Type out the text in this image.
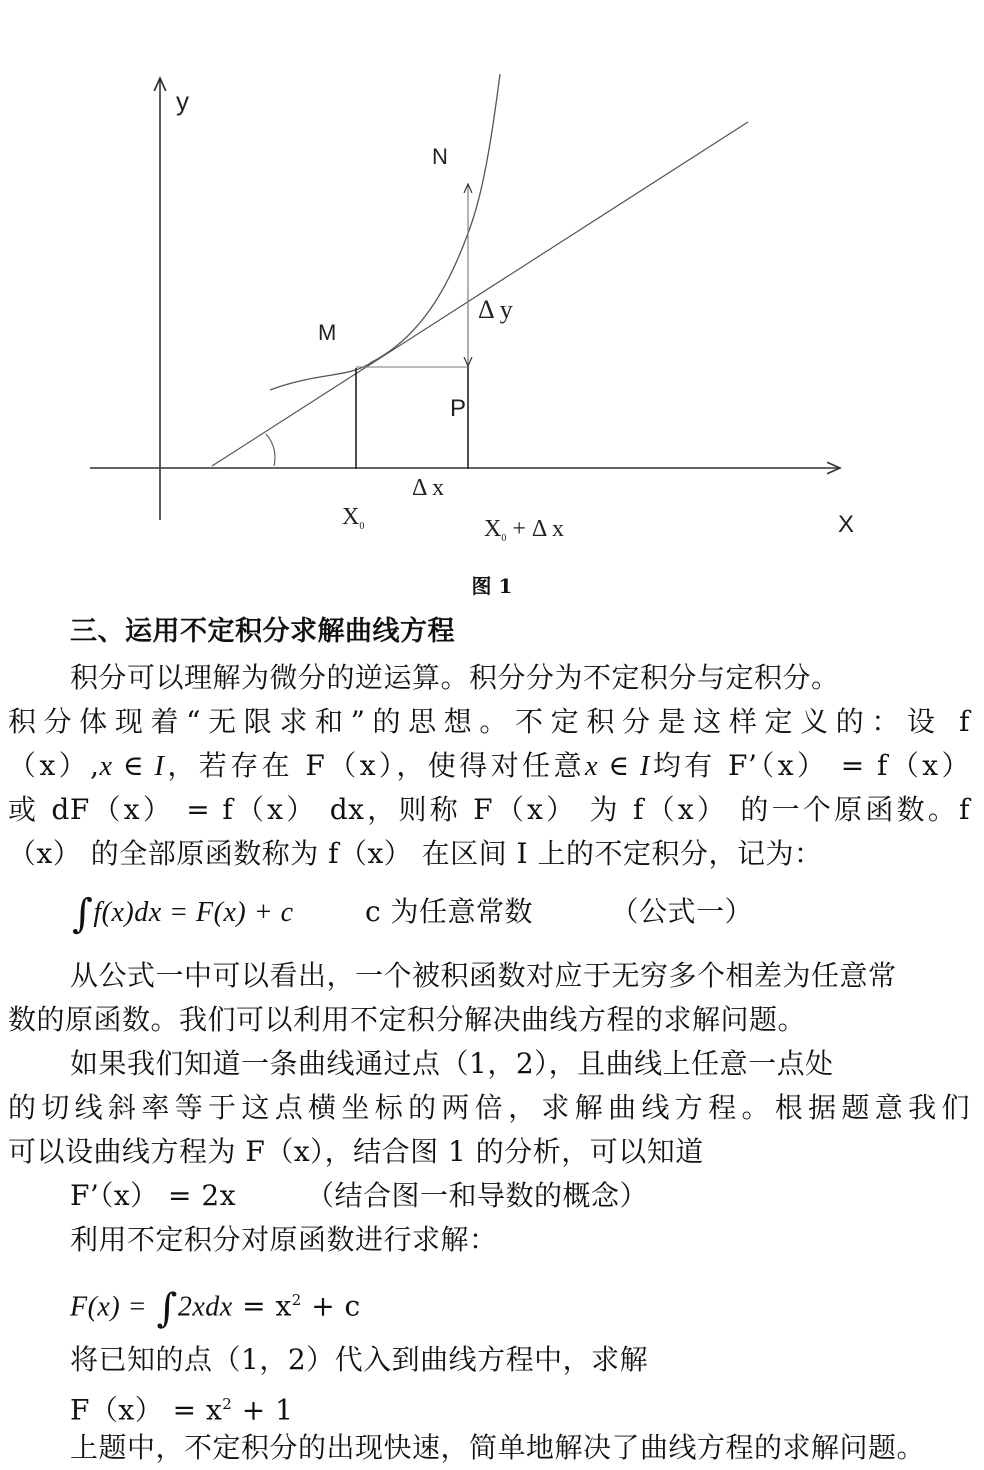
y
X
N
M
P
Δ y
Δ x
$X_0$	$X_0 + \Delta$ x
图 1
三、运用不定积分求解曲线方程
积分可以理解为微分的逆运算。积分分为不定积分与定积分。
积分体现着“无限求和”的思想。不定积分是这样定义的：设 f
（x）,x ∈ I，若存在 F（x），使得对任意x ∈ I均有 F’（x） = f（x）
或 dF（x） = f（x） dx，则称 F（x） 为 f（x） 的一个原函数。f
（x） 的全部原函数称为 f（x） 在区间 I 上的不定积分，记为：
∫f(x)dx = F(x) + c	c 为任意常数	（公式一）
从公式一中可以看出，一个被积函数对应于无穷多个相差为任意常
数的原函数。我们可以利用不定积分解决曲线方程的求解问题。
如果我们知道一条曲线通过点（1，2），且曲线上任意一点处
的切线斜率等于这点横坐标的两倍，求解曲线方程。根据题意我们
可以设曲线方程为 F（x），结合图 1 的分析，可以知道
F’（x） = 2x	（结合图一和导数的概念）
利用不定积分对原函数进行求解：
$F(x) = \int 2xdx = x^2 + c$
将已知的点（1，2）代入到曲线方程中，求解
$F(x) = x^2 + 1$
上题中，不定积分的出现快速，简单地解决了曲线方程的求解问题。
